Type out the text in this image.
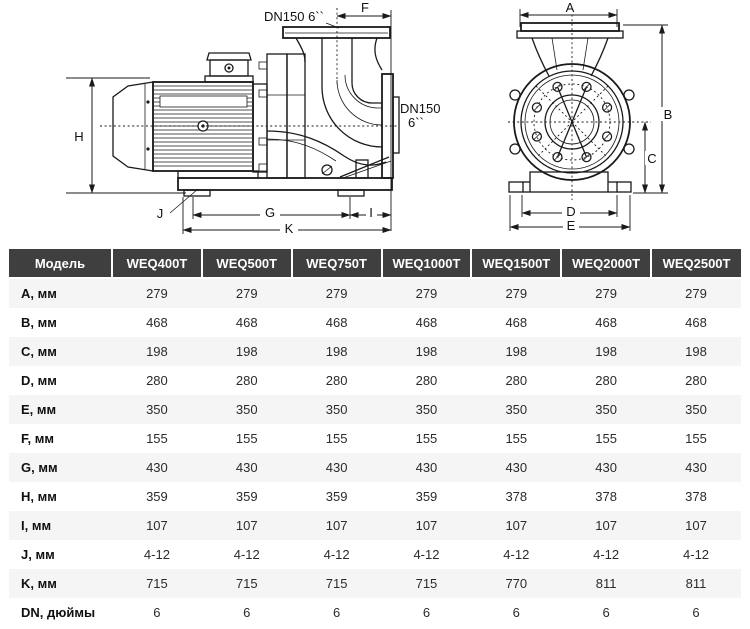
H
F
DN150 6``
DN150
6``
J	G	I
K
A
B
C
D
E
Модель	WEQ400T	WEQ500T	WEQ750T	WEQ1000T	WEQ1500T	WEQ2000T	WEQ2500T
А, мм	279	279	279	279	279	279	279
B, мм	468	468	468	468	468	468	468
C, мм	198	198	198	198	198	198	198
D, мм	280	280	280	280	280	280	280
E, мм	350	350	350	350	350	350	350
F, мм	155	155	155	155	155	155	155
G, мм	430	430	430	430	430	430	430
H, мм	359	359	359	359	378	378	378
I, мм	107	107	107	107	107	107	107
J, мм	4-12	4-12	4-12	4-12	4-12	4-12	4-12
K, мм	715	715	715	715	770	811	811
DN, дюймы	6	6	6	6	6	6	6
